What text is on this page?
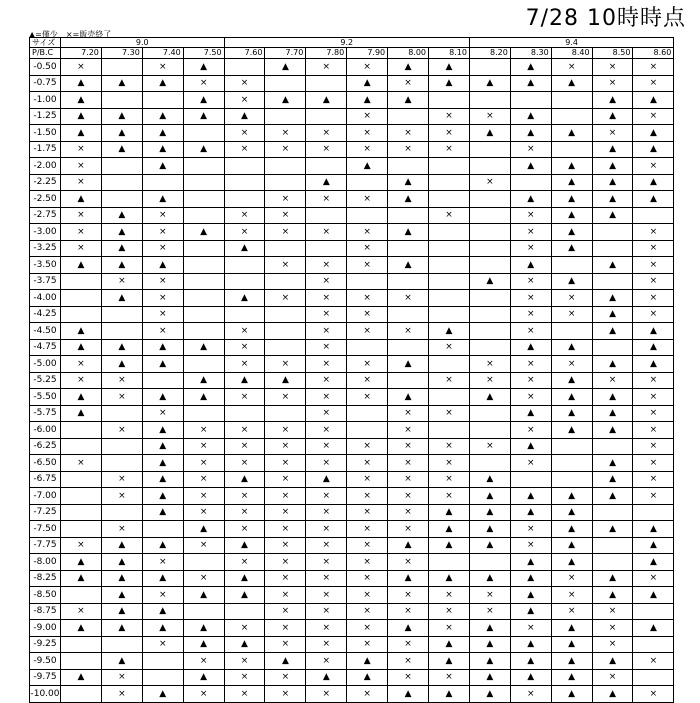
7/28 10時時点
▲=僅少　×=販売終了
サイズ	9.0				9.2						9.4				
P/B.C	7.20	7.30	7.40	7.50	7.60	7.70	7.80	7.90	8.00	8.10	8.20	8.30	8.40	8.50	8.60
-0.50	×		×	▲		▲	×	×	▲	▲		▲	×	×	×
-0.75	▲	▲	▲	×	×			▲	×	▲	▲	▲	▲	×	×
-1.00	▲			▲	×	▲	▲	▲	▲					▲	▲
-1.25	▲	▲	▲	▲	▲			×		×	×	▲		▲	×
-1.50	▲	▲	▲		×	×	×	×	×	×	▲	▲	▲	×	▲
-1.75	×	▲	▲	▲	×	×	×	×	×	×		×		▲	▲
-2.00	×		▲					▲				▲	▲	▲	×
-2.25	×						▲		▲		×		▲	▲	▲
-2.50	▲		▲			×	×	×	▲			▲	▲	▲	▲
-2.75	×	▲	×		×	×				×		×	▲	▲	
-3.00	×	▲	×	▲	×	×	×	×	▲			×	▲		×
-3.25	×	▲	×		▲			×				×	▲		×
-3.50	▲	▲	▲			×	×	×	▲			▲		▲	×
-3.75		×	×				×				▲	×	▲		×
-4.00		▲	×		▲	×	×	×	×			×	×	▲	×
-4.25			×				×	×				×	×	▲	×
-4.50	▲		×		×		×	×	×	▲		×		▲	▲
-4.75	▲	▲	▲	▲	×		×			×		▲	▲		▲
-5.00	×	▲	▲		×	×	×	×	▲		×	×	×	▲	▲
-5.25	×	×		▲	▲	▲	×	×		×	×	×	▲	×	×
-5.50	▲	×	▲	▲	×	×	×	×	▲		▲	×	▲	▲	×
-5.75	▲		×				×		×	×		▲	▲	▲	×
-6.00		×	▲	×	×	×	×		×			×	▲	▲	×
-6.25			▲	×	×	×	×	×	×	×	×	▲			×
-6.50	×		▲	×	×	×	×	×	×	×		×		▲	×
-6.75		×	▲	×	▲	×	▲	×	×	×	▲			▲	×
-7.00		×	▲	×	×	×	×	×	×	×	▲	▲	▲	▲	×
-7.25			▲	×	×	×	×	×	×	▲	▲	▲	▲		
-7.50		×		▲	×	×	×	×	×	▲	▲	×	▲	▲	▲
-7.75	×	▲	▲	×	▲	×	×	×	▲	▲	▲	×	▲		▲
-8.00	▲	▲	×		×	×	×	×	×			▲	▲		▲
-8.25	▲	▲	▲	×	▲	×	×	×	▲	▲	▲	▲	×	▲	×
-8.50		▲	×	▲	▲	×	×	×	×	×	×	▲	×	▲	▲
-8.75	×	▲	▲			×	×	×	×	×	×	▲	×	×	
-9.00	▲	▲	▲	▲	×	×	×	×	▲	×	▲	×	▲	×	▲
-9.25			×	▲	▲	×	×	×	×	▲	▲	▲	▲	×	
-9.50		▲		×	×	▲	×	▲	×	▲	▲	▲	▲	▲	×
-9.75	▲	×		▲	×	×	▲	▲	×	×	▲	▲	▲	×	
-10.00		×	▲	×	×	×	×	×	▲	▲	▲	×	▲	▲	×
